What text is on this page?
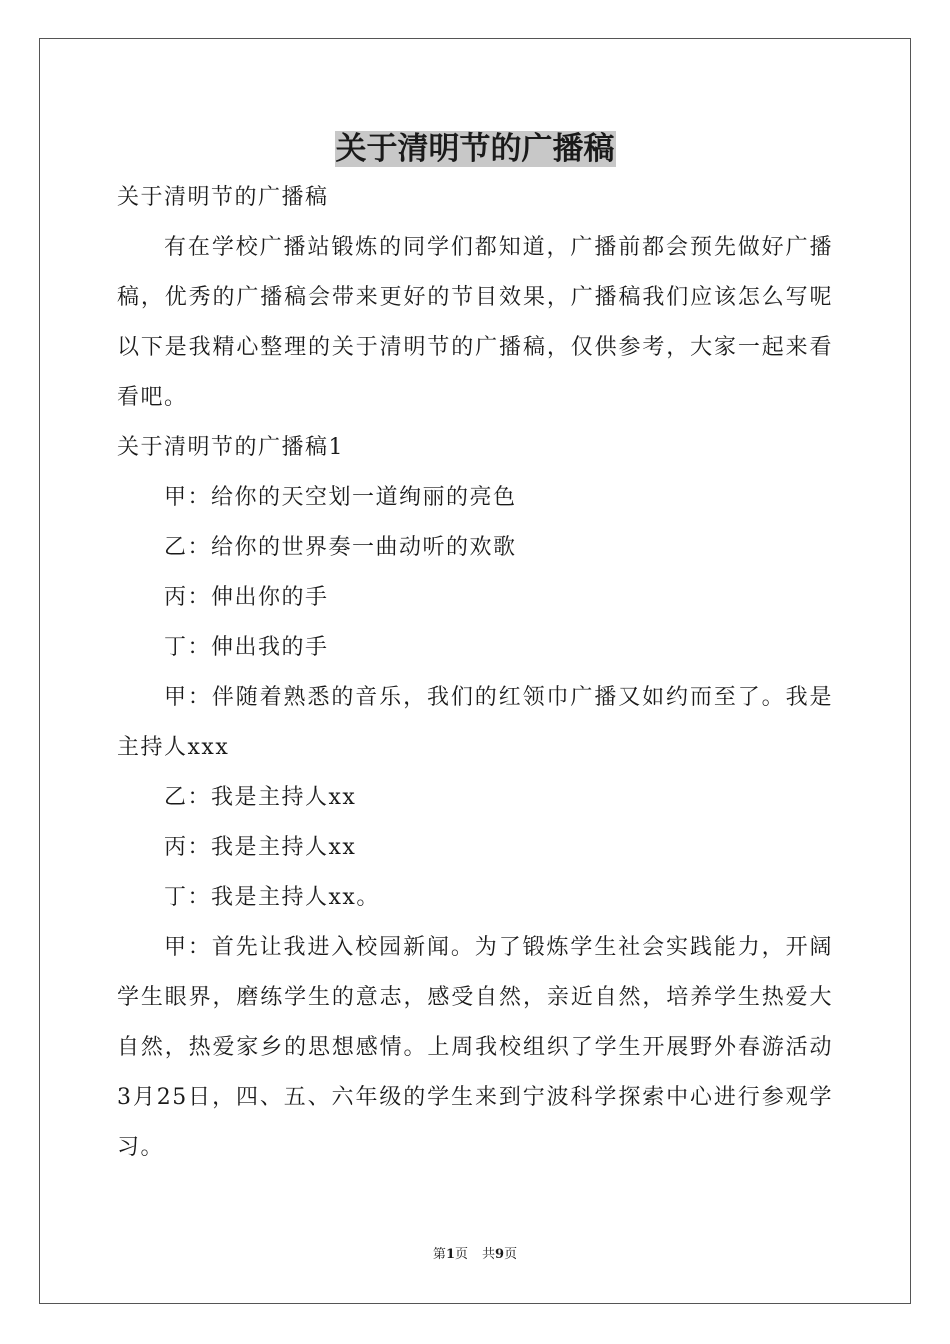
关于清明节的广播稿

关于清明节的广播稿

有在学校广播站锻炼的同学们都知道，广播前都会预先做好广播稿，优秀的广播稿会带来更好的节目效果，广播稿我们应该怎么写呢以下是我精心整理的关于清明节的广播稿，仅供参考，大家一起来看看吧。

关于清明节的广播稿1

甲：给你的天空划一道绚丽的亮色

乙：给你的世界奏一曲动听的欢歌

丙：伸出你的手

丁：伸出我的手

甲：伴随着熟悉的音乐，我们的红领巾广播又如约而至了。我是主持人xxx

乙：我是主持人xx

丙：我是主持人xx

丁：我是主持人xx。

甲：首先让我进入校园新闻。为了锻炼学生社会实践能力，开阔学生眼界，磨练学生的意志，感受自然，亲近自然，培养学生热爱大自然，热爱家乡的思想感情。上周我校组织了学生开展野外春游活动3月25日，四、五、六年级的学生来到宁波科学探索中心进行参观学习。

第1页 共9页
